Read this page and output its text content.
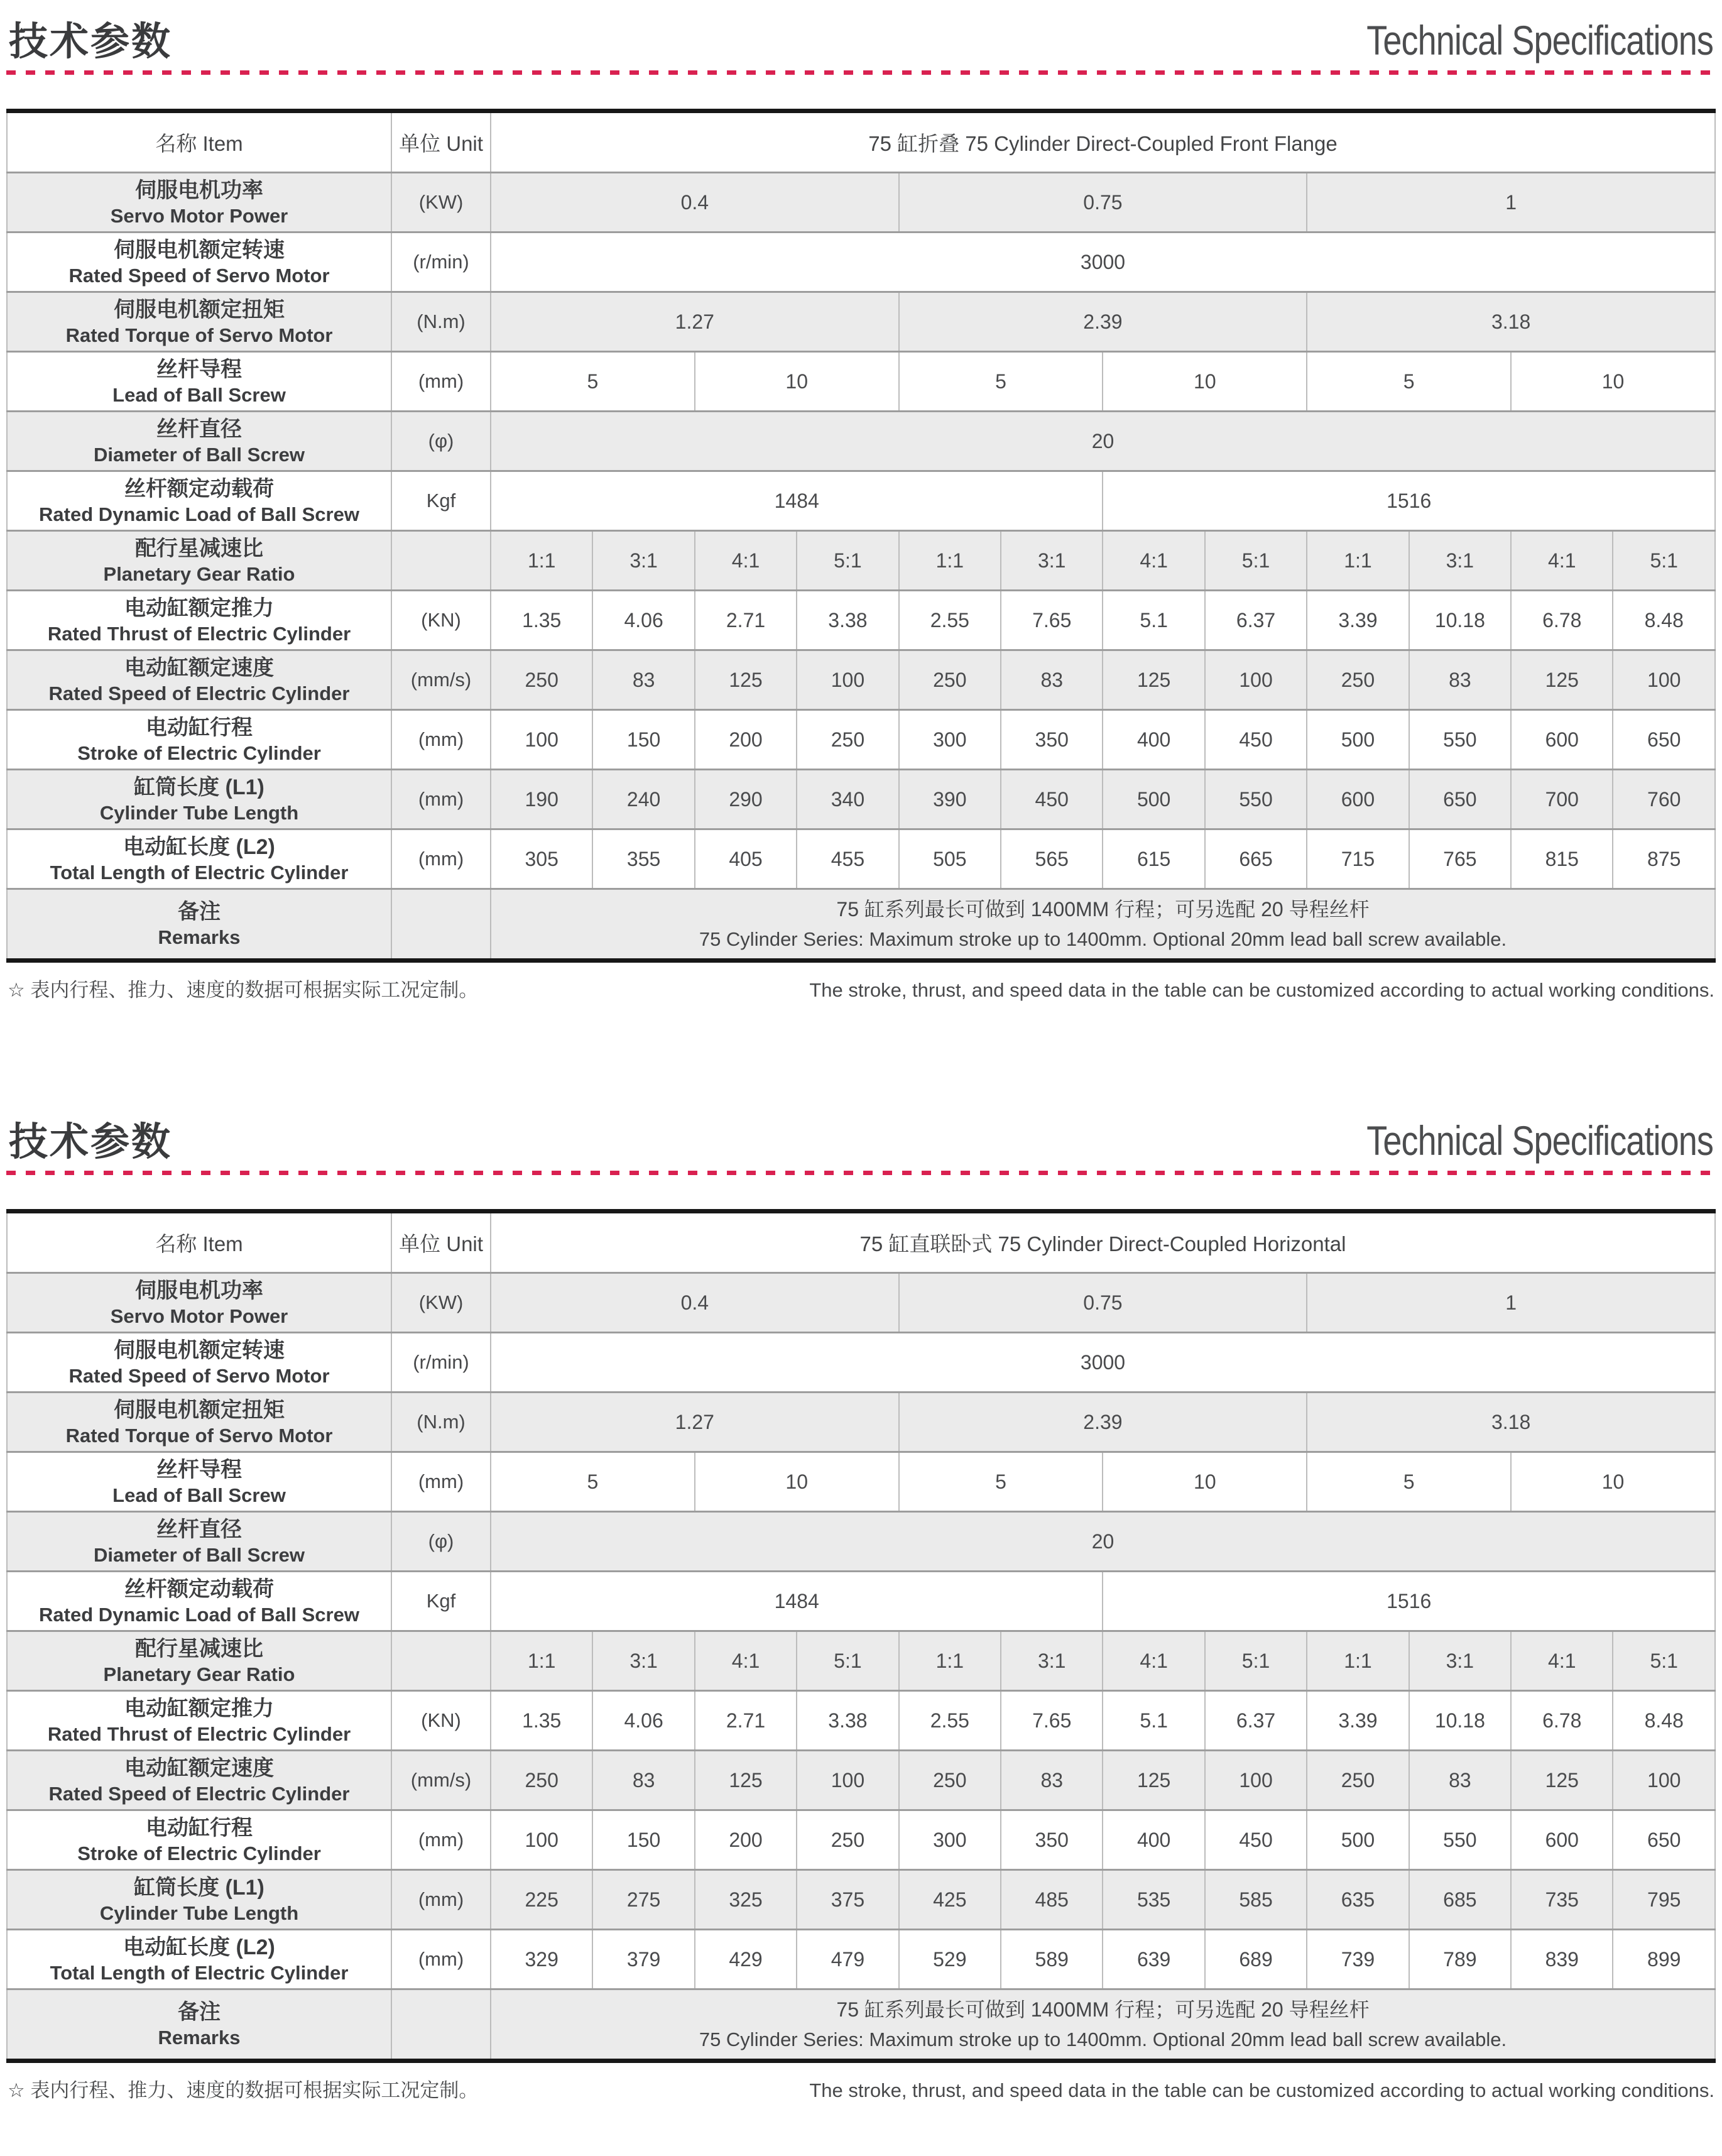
技术参数	Technical Specifications
名称 Item	单位 Unit	75 缸折叠 75 Cylinder Direct-Coupled Front Flange											

伺服电机功率
Servo Motor Power	(KW)	0.4				0.75				1			

伺服电机额定转速
Rated Speed of Servo Motor	(r/min)	3000											

伺服电机额定扭矩
Rated Torque of Servo Motor	(N.m)	1.27				2.39				3.18			

丝杆导程
Lead of Ball Screw	(mm)	5		10		5		10		5		10	

丝杆直径
Diameter of Ball Screw	(φ)	20											

丝杆额定动载荷
Rated Dynamic Load of Ball Screw	Kgf	1484						1516					

配行星减速比
Planetary Gear Ratio		1:1	3:1	4:1	5:1	1:1	3:1	4:1	5:1	1:1	3:1	4:1	5:1

电动缸额定推力
Rated Thrust of Electric Cylinder	(KN)	1.35	4.06	2.71	3.38	2.55	7.65	5.1	6.37	3.39	10.18	6.78	8.48

电动缸额定速度
Rated Speed of Electric Cylinder	(mm/s)	250	83	125	100	250	83	125	100	250	83	125	100

电动缸行程
Stroke of Electric Cylinder	(mm)	100	150	200	250	300	350	400	450	500	550	600	650

缸筒长度 (L1)
Cylinder Tube Length	(mm)	190	240	290	340	390	450	500	550	600	650	700	760

电动缸长度 (L2)
Total Length of Electric Cylinder	(mm)	305	355	405	455	505	565	615	665	715	765	815	875

备注
Remarks

75 缸系列最长可做到 1400MM 行程；可另选配 20 导程丝杆
75 Cylinder Series: Maximum stroke up to 1400mm. Optional 20mm lead ball screw available.
☆ 表内行程、推力、速度的数据可根据实际工况定制。	The stroke, thrust, and speed data in the table can be customized according to actual working conditions.
技术参数	Technical Specifications
名称 Item	单位 Unit	75 缸直联卧式 75 Cylinder Direct-Coupled Horizontal											

伺服电机功率
Servo Motor Power	(KW)	0.4				0.75				1			

伺服电机额定转速
Rated Speed of Servo Motor	(r/min)	3000											

伺服电机额定扭矩
Rated Torque of Servo Motor	(N.m)	1.27				2.39				3.18			

丝杆导程
Lead of Ball Screw	(mm)	5		10		5		10		5		10	

丝杆直径
Diameter of Ball Screw	(φ)	20											

丝杆额定动载荷
Rated Dynamic Load of Ball Screw	Kgf	1484						1516					

配行星减速比
Planetary Gear Ratio		1:1	3:1	4:1	5:1	1:1	3:1	4:1	5:1	1:1	3:1	4:1	5:1

电动缸额定推力
Rated Thrust of Electric Cylinder	(KN)	1.35	4.06	2.71	3.38	2.55	7.65	5.1	6.37	3.39	10.18	6.78	8.48

电动缸额定速度
Rated Speed of Electric Cylinder	(mm/s)	250	83	125	100	250	83	125	100	250	83	125	100

电动缸行程
Stroke of Electric Cylinder	(mm)	100	150	200	250	300	350	400	450	500	550	600	650

缸筒长度 (L1)
Cylinder Tube Length	(mm)	225	275	325	375	425	485	535	585	635	685	735	795

电动缸长度 (L2)
Total Length of Electric Cylinder	(mm)	329	379	429	479	529	589	639	689	739	789	839	899

备注
Remarks

75 缸系列最长可做到 1400MM 行程；可另选配 20 导程丝杆
75 Cylinder Series: Maximum stroke up to 1400mm. Optional 20mm lead ball screw available.
☆ 表内行程、推力、速度的数据可根据实际工况定制。	The stroke, thrust, and speed data in the table can be customized according to actual working conditions.
